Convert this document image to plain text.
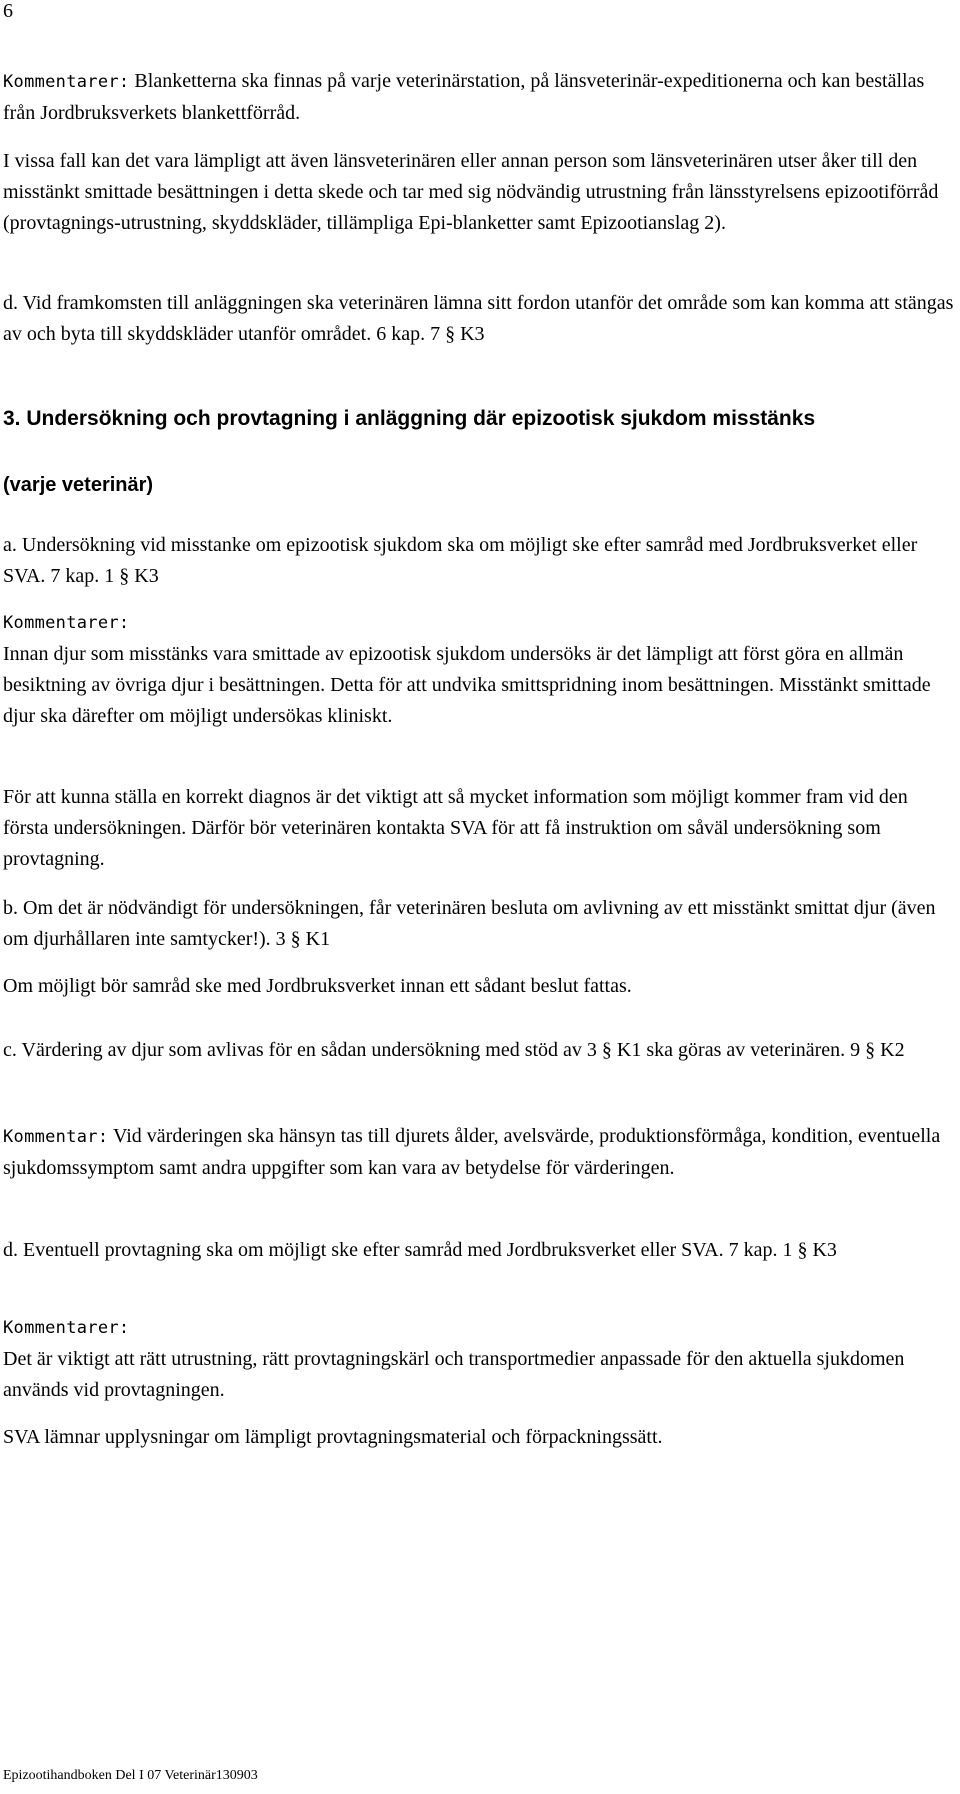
6

Kommentarer: Blanketterna ska finnas på varje veterinärstation, på länsveterinär-expeditionerna och kan beställas från Jordbruksverkets blankettförråd.

I vissa fall kan det vara lämpligt att även länsveterinären eller annan person som länsveterinären utser åker till den misstänkt smittade besättningen i detta skede och tar med sig nödvändig utrustning från länsstyrelsens epizootiförråd (provtagnings-utrustning, skyddskläder, tillämpliga Epi-blanketter samt Epizootianslag 2).

d. Vid framkomsten till anläggningen ska veterinären lämna sitt fordon utanför det område som kan komma att stängas av och byta till skyddskläder utanför området. 6 kap. 7 § K3

3. Undersökning och provtagning i anläggning där epizootisk sjukdom misstänks
(varje veterinär)

a. Undersökning vid misstanke om epizootisk sjukdom ska om möjligt ske efter samråd med Jordbruksverket eller SVA. 7 kap. 1 § K3

Kommentarer:
Innan djur som misstänks vara smittade av epizootisk sjukdom undersöks är det lämpligt att först göra en allmän besiktning av övriga djur i besättningen. Detta för att undvika smittspridning inom besättningen. Misstänkt smittade djur ska därefter om möjligt undersökas kliniskt.

För att kunna ställa en korrekt diagnos är det viktigt att så mycket information som möjligt kommer fram vid den första undersökningen. Därför bör veterinären kontakta SVA för att få instruktion om såväl undersökning som provtagning.

b. Om det är nödvändigt för undersökningen, får veterinären besluta om avlivning av ett misstänkt smittat djur (även om djurhållaren inte samtycker!). 3 § K1

Om möjligt bör samråd ske med Jordbruksverket innan ett sådant beslut fattas.

c. Värdering av djur som avlivas för en sådan undersökning med stöd av 3 § K1 ska göras av veterinären. 9 § K2

Kommentar: Vid värderingen ska hänsyn tas till djurets ålder, avelsvärde, produktionsförmåga, kondition, eventuella sjukdomssymptom samt andra uppgifter som kan vara av betydelse för värderingen.

d. Eventuell provtagning ska om möjligt ske efter samråd med Jordbruksverket eller SVA. 7 kap. 1 § K3

Kommentarer:
Det är viktigt att rätt utrustning, rätt provtagningskärl och transportmedier anpassade för den aktuella sjukdomen används vid provtagningen.

SVA lämnar upplysningar om lämpligt provtagningsmaterial och förpackningssätt.

Epizootihandboken Del I 07 Veterinär130903
